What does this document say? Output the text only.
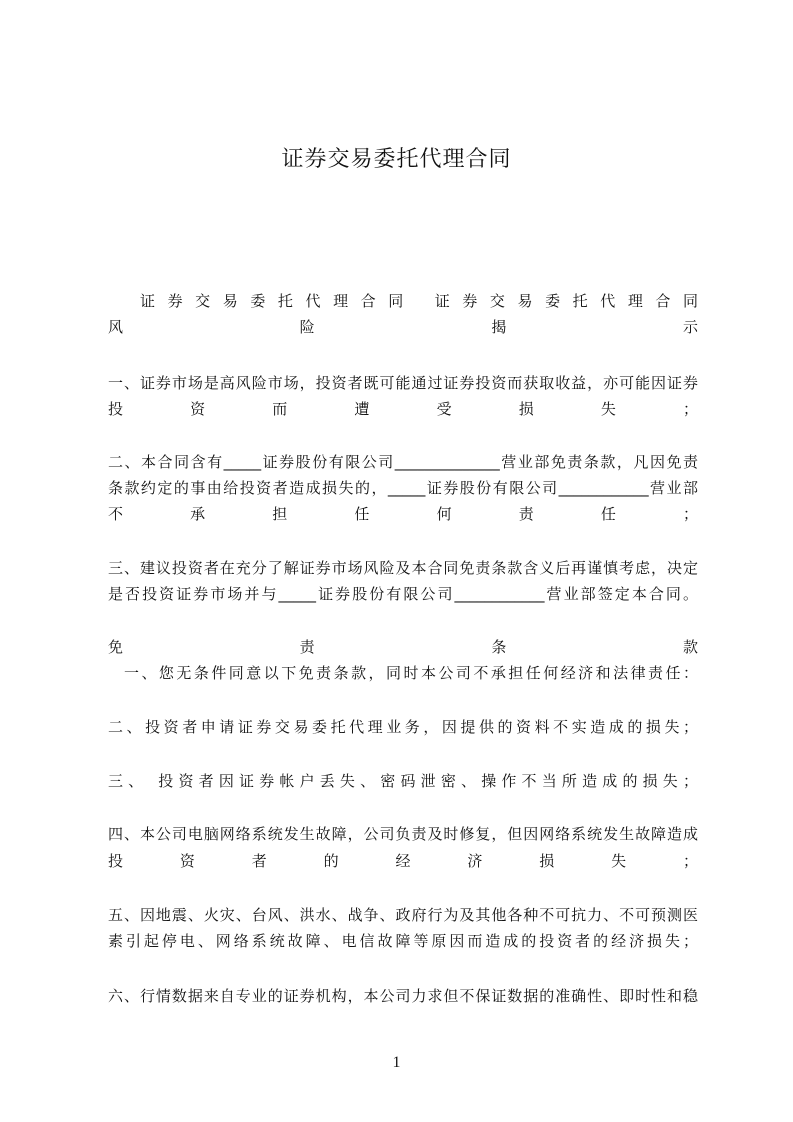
证券交易委托代理合同
证 券 交 易 委 托 代 理 合 同　 证 券 交 易 委 托 代 理 合 同
风　险　揭　示
一、证券市场是高风险市场，投资者既可能通过证券投资而获取收益，亦可能因证券
投　资　而　遭　受　损　失　；
二、本合同含有_____证券股份有限公司______________营业部免责条款，凡因免责
条款约定的事由给投资者造成损失的，_____证券股份有限公司____________营业部
不　承　担　任　何　责　任　；
三、建议投资者在充分了解证券市场风险及本合同免责条款含义后再谨慎考虑，决定
是否投资证券市场并与_____证券股份有限公司____________营业部签定本合同。
免　责　条　款
一、您无条件同意以下免责条款，同时本公司不承担任何经济和法律责任：
二、投资者申请证券交易委托代理业务，因提供的资料不实造成的损失；
三、 投资者因证券帐户丢失、密码泄密、操作不当所造成的损失；
四、本公司电脑网络系统发生故障，公司负责及时修复，但因网络系统发生故障造成
投　资　者　的　经　济　损　失　；
五、因地震、火灾、台风、洪水、战争、政府行为及其他各种不可抗力、不可预测医
素引起停电、网络系统故障、电信故障等原因而造成的投资者的经济损失；
六、行情数据来自专业的证券机构，本公司力求但不保证数据的准确性、即时性和稳
1
